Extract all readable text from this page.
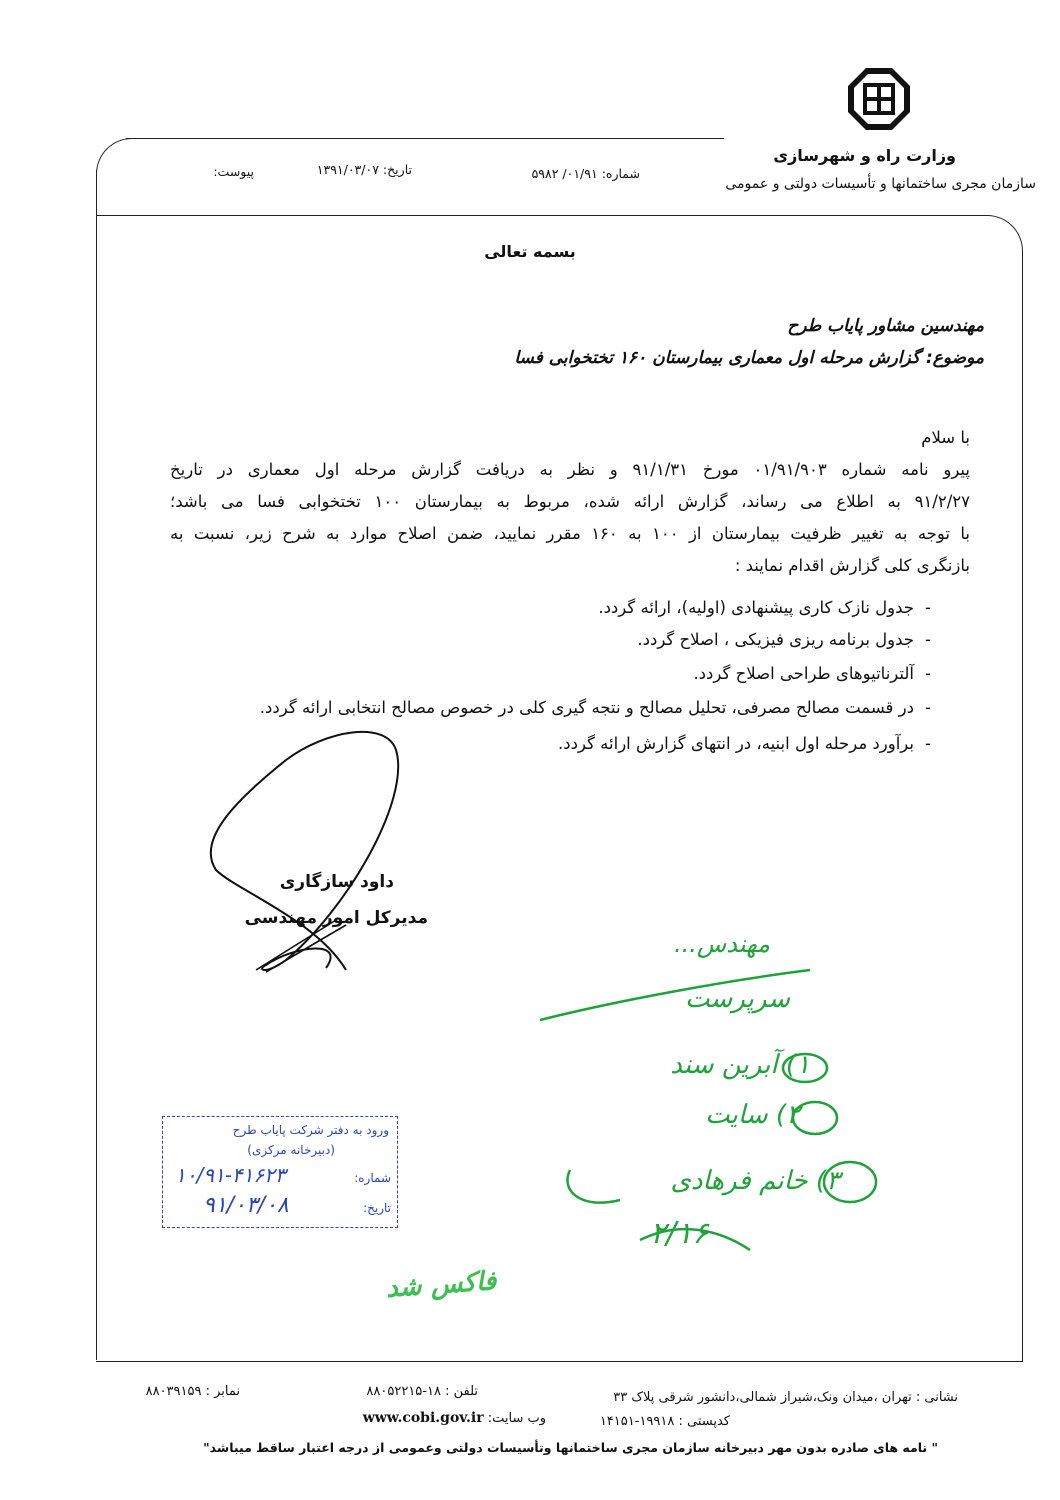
وزارت راه و شهرسازی
سازمان مجری ساختمانها و تأسیسات دولتی و عمومی
شماره: ۰۱/۹۱/ ۵۹۸۲
تاریخ: ۱۳۹۱/۰۳/۰۷
پیوست:
بسمه تعالی
مهندسین مشاور پایاب طرح
موضوع: گزارش مرحله اول معماری بیمارستان ۱۶۰ تختخوابی فسا
با سلام
پیرو نامه شماره ۰۱/۹۱/۹۰۳ مورخ ۹۱/۱/۳۱ و نظر به دریافت گزارش مرحله اول معماری در تاریخ
۹۱/۲/۲۷ به اطلاع می رساند، گزارش ارائه شده، مربوط به بیمارستان ۱۰۰ تختخوابی فسا می باشد؛
با توجه به تغییر ظرفیت بیمارستان از ۱۰۰ به ۱۶۰ مقرر نمایید، ضمن اصلاح موارد به شرح زیر، نسبت به
بازنگری کلی گزارش اقدام نمایند :
-جدول نازک کاری پیشنهادی (اولیه)، ارائه گردد.
-جدول برنامه ریزی فیزیکی ، اصلاح گردد.
-آلترناتیوهای طراحی اصلاح گردد.
-در قسمت مصالح مصرفی، تحلیل مصالح و نتجه گیری کلی در خصوص مصالح انتخابی ارائه گردد.
-برآورد مرحله اول ابنیه، در انتهای گزارش ارائه گردد.
داود سازگاری
مدیرکل امور مهندسی
مهندس...
سرپرست
۱) آبرین سند
۲) سایت
۳) خانم فرهادی
۲/۱۶
فاکس شد
ورود به دفتر شرکت پایاب طرح
(دبیرخانه مرکزی)
شماره:
۱۰/۹۱-۴۱۶۲۳
تاریخ:
۹۱/۰۳/۰۸
نشانی : تهران ،میدان ونک،شیراز شمالی،دانشور شرقی پلاک ۳۳
تلفن : ۱۸-۸۸۰۵۲۲۱۵
نمابر : ۸۸۰۳۹۱۵۹
کدپستی : ۱۹۹۱۸-۱۴۱۵۱
وب سایت: www.cobi.gov.ir
" نامه های صادره بدون مهر دبیرخانه سازمان مجری ساختمانها وتأسیسات دولتی وعمومی از درجه اعتبار ساقط میباشد"
